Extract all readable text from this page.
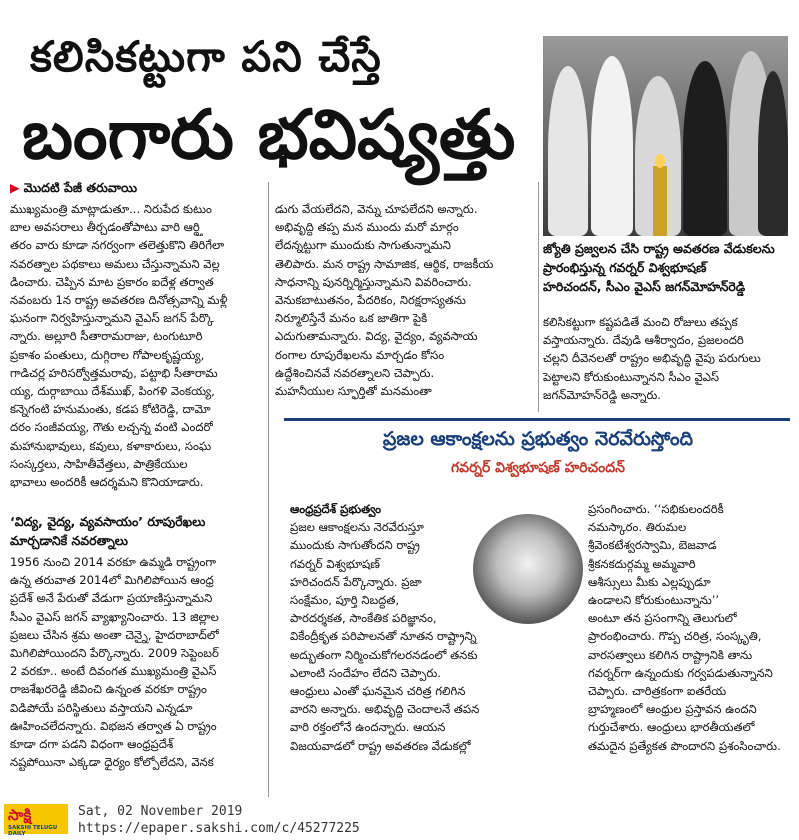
కలిసికట్టుగా పని చేస్తే
బంగారు భవిష్యత్తు
జ్యోతి ప్రజ్వలన చేసి రాష్ట్ర అవతరణ వేడుకలను
ప్రారంభిస్తున్న గవర్నర్ విశ్వభూషణ్
హరిచందన్, సీఎం వైఎస్ జగన్‌మోహన్‌రెడ్డి
▶ మొదటి పేజీ తరువాయి
ముఖ్యమంత్రి మాట్లాడుతూ... నిరుపేద కుటుం
బాల అవసరాలు తీర్చడంతోపాటు వారి ఆర్థ్తి
తరం వారు కూడా నగర్వంగా తలెత్తుకొని తిరిగేలా
నవరత్నాల పథకాలు అమలు చేస్తున్నామని వెల్ల
డించారు. చెప్పిన మాట ప్రకారం ఐదేళ్ల తర్వాత
నవంబరు 1న రాష్ట్ర అవతరణ దినోత్సవాన్ని మళ్లీ
ఘనంగా నిర్వహిస్తున్నామని వైఎస్ జగన్ పేర్కొ
న్నారు. అల్లూరి సీతారామరాజు, టంగుటూరి
ప్రకాశం పంతులు, దుగ్గిరాల గోపాలకృష్ణయ్య,
గాడిచర్ల హరిసర్వోత్తమరావు, పట్టాభి సీతారామ
య్య, దుర్గాబాయి దేశ్‌ముఖ్, పింగళి వెంకయ్య,
కన్నెగంటి హనుమంతు, కడప కోటిరెడ్డి, దామో
దరం సంజీవయ్య, గౌతు లచ్చన్న వంటి ఎందరో
మహానుభావులు, కవులు, కళాకారులు, సంఘ
సంస్కర్తలు, సాహితీవేత్తలు, పాత్రికేయుల
భావాలు అందరికీ ఆదర్శమని కొనియాడారు.
‘విద్య, వైద్య, వ్యవసాయం’ రూపురేఖలు
మార్చడానికే నవరత్నాలు
1956 నుంచి 2014 వరకూ ఉమ్మడి రాష్ట్రంగా
ఉన్న తరువాత 2014లో మిగిలిపోయిన ఆంధ్ర
ప్రదేశ్ అనే పేరుతో వేడుగా ప్రయాణిస్తున్నామని
సీఎం వైఎస్ జగన్ వ్యాఖ్యానించారు. 13 జిల్లాల
ప్రజలు చేసిన శ్రమ అంతా చెన్నై, హైదరాబాద్‌లో
మిగిలిపోయిందని పేర్కొన్నారు. 2009 సెప్టెంబర్
2 వరకూ.. అంటే దివంగత ముఖ్యమంత్రి వైఎస్
రాజశేఖరరెడ్డి జీవించి ఉన్నంత వరకూ రాష్ట్రం
విడిపోయే పరిస్థితులు వస్తాయని ఎన్నడూ
ఊహించలేదన్నారు. విభజన తర్వాత ఏ రాష్ట్రం
కూడా దగా పడని విధంగా ఆంధ్రప్రదేశ్
నష్టపోయినా ఎక్కడా ధైర్యం కోల్పోలేదని, వెనక
డుగు వేయలేదని, వెన్ను చూపలేదని అన్నారు.
అభివృద్ధి తప్ప మన ముందు మరో మార్గం
లేదన్నట్టుగా ముందుకు సాగుతున్నామని
తెలిపారు. మన రాష్ట్ర సామాజిక, ఆర్థిక, రాజకీయ
సాధనాన్ని పునర్నిర్మిస్తున్నామని వివరించారు.
వెనుకబాటుతనం, పేదరికం, నిరక్షరాస్యతను
నిర్మూలిస్తేనే మనం ఒక జాతిగా పైకి
ఎదుగుతామన్నారు. విద్య, వైద్యం, వ్యవసాయ
రంగాల రూపురేఖలను మార్చడం కోసం
ఉద్దేశించినవే నవరత్నాలని చెప్పారు.
మహనీయుల స్ఫూర్తితో మనమంతా
కలిసికట్టుగా కష్టపడితే మంచి రోజులు తప్పక
వస్తాయన్నారు. దేవుడి ఆశీర్వాదం, ప్రజలందరి
చల్లని దీవెనలతో రాష్ట్రం అభివృద్ధి వైపు పరుగులు
పెట్టాలని కోరుకుంటున్నానని సీఎం వైఎస్
జగన్‌మోహన్‌రెడ్డి అన్నారు.
ప్రజల ఆకాంక్షలను ప్రభుత్వం నెరవేరుస్తోంది
గవర్నర్ విశ్వభూషణ్ హరిచందన్
ఆంధ్రప్రదేశ్ ప్రభుత్వం
ప్రజల ఆకాంక్షలను నెరవేరుస్తూ
ముందుకు సాగుతోందని రాష్ట్ర
గవర్నర్ విశ్వభూషణ్
హరిచందన్ పేర్కొన్నారు. ప్రజా
సంక్షేమం, పూర్తి నిబద్ధత,
పారదర్శకత, సాంకేతిక పరిజ్ఞానం,
వికేంద్రీకృత పరిపాలనతో నూతన రాష్ట్రాన్ని
అద్భుతంగా నిర్మించుకోగలరనడంలో తనకు
ఎలాంటి సందేహం లేదని చెప్పారు.
ఆంధ్రులు ఎంతో ఘనమైన చరిత్ర గలిగిన
వారని అన్నారు. అభివృద్ధి చెందాలనే తపన
వారి రక్తంలోనే ఉందన్నారు. ఆయన
విజయవాడలో రాష్ట్ర అవతరణ వేడుకల్లో
ప్రసంగించారు. ‘‘సభికులందరికీ
నమస్కారం. తిరుమల
శ్రీవెంకటేశ్వరస్వామి, బెజవాడ
శ్రీకనకదుర్గమ్మ అమ్మవారి
ఆశీస్సులు మీకు ఎల్లప్పుడూ
ఉండాలని కోరుకుంటున్నాను’’
అంటూ తన ప్రసంగాన్ని తెలుగులో
ప్రారంభించారు. గొప్ప చరిత్ర, సంస్కృతి,
వారసత్వాలు కలిగిన రాష్ట్రానికి తాను
గవర్నర్‌గా ఉన్నందుకు గర్వపడుతున్నానని
చెప్పారు. చారిత్రకంగా ఐతరేయ
బ్రాహ్మణంలో ఆంధ్రుల ప్రస్తావన ఉందని
గుర్తుచేశారు. ఆంధ్రులు భారతీయతలో
తమదైన ప్రత్యేకత పొందారని ప్రశంసించారు.
సాక్షి
SAKSHI TELUGU DAILY
Sat, 02 November 2019
https://epaper.sakshi.com/c/45277225
